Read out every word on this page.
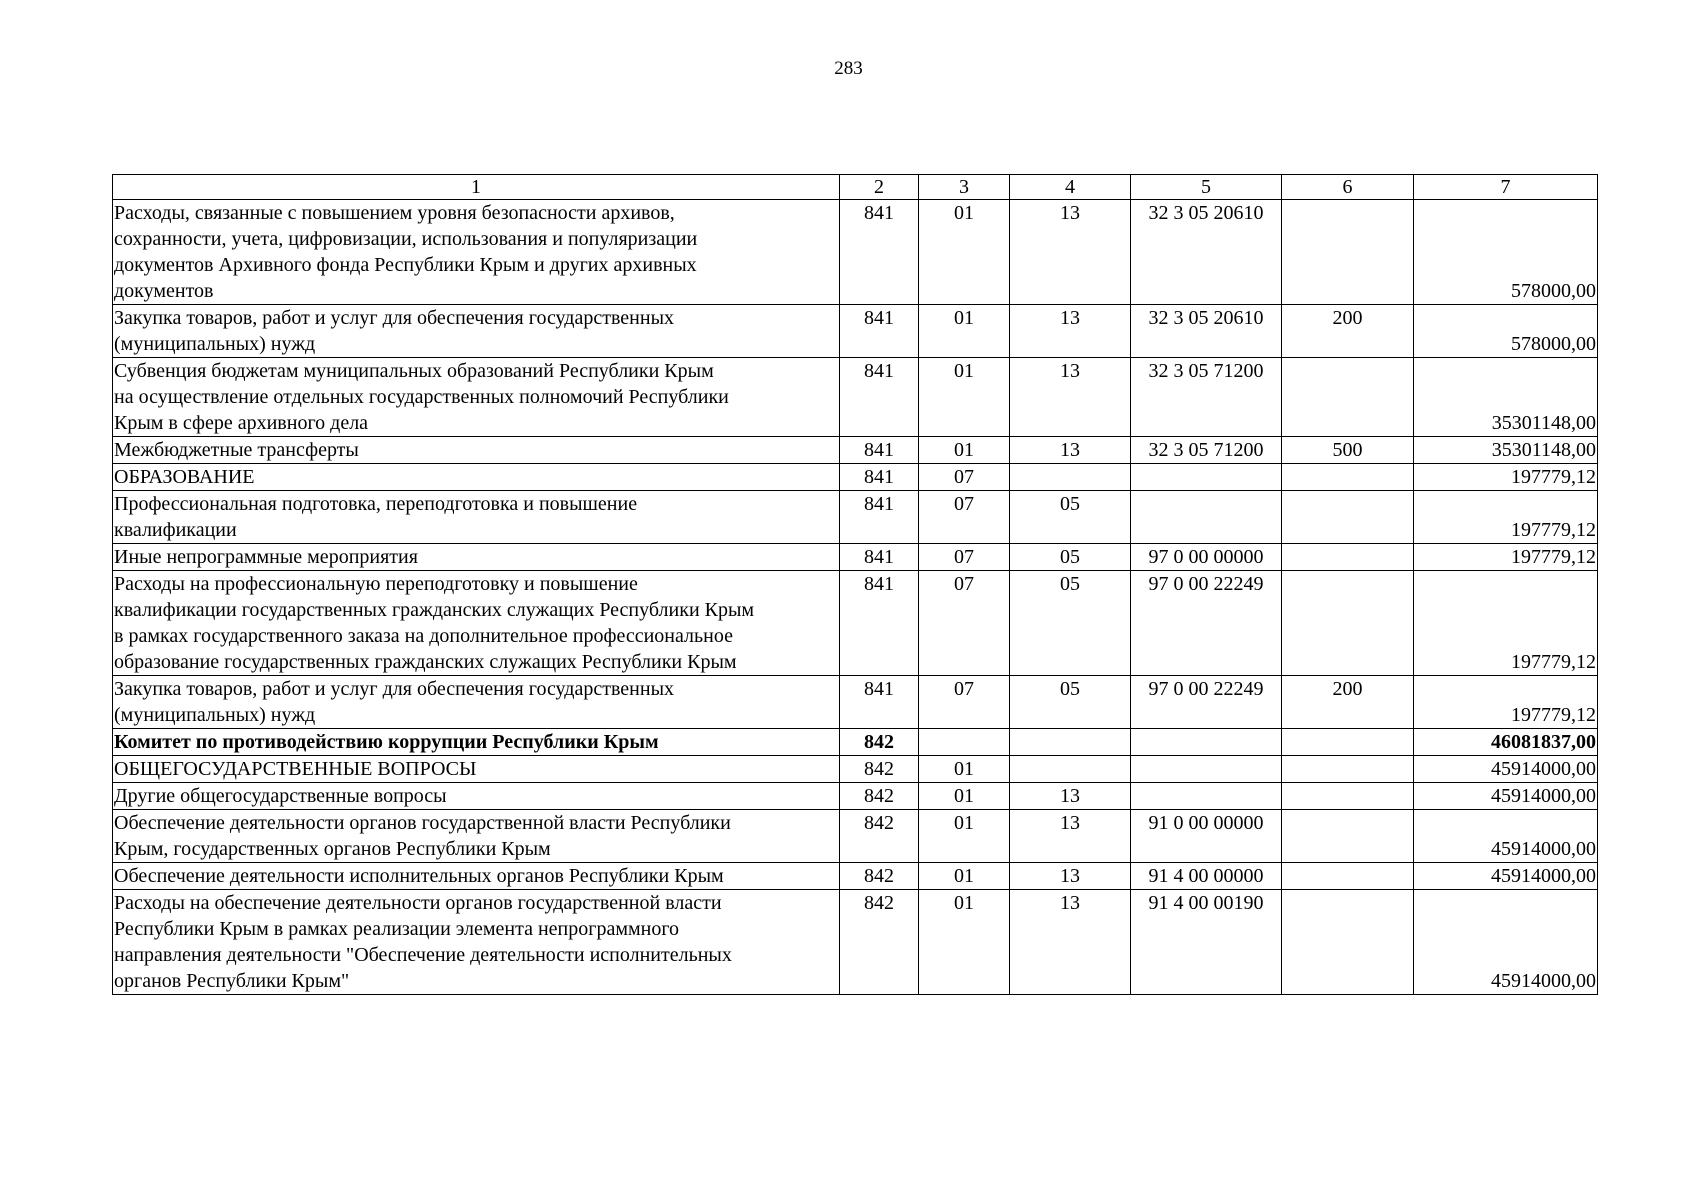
283
1	2	3	4	5	6	7
Расходы, связанные с повышением уровня безопасности архивов,
сохранности, учета, цифровизации, использования и популяризации
документов Архивного фонда Республики Крым и других архивных
документов	841	01	13	32 3 05 20610		578000,00
Закупка товаров, работ и услуг для обеспечения государственных
(муниципальных) нужд	841	01	13	32 3 05 20610	200	578000,00
Субвенция бюджетам муниципальных образований Республики Крым
на осуществление отдельных государственных полномочий Республики
Крым в сфере архивного дела	841	01	13	32 3 05 71200		35301148,00
Межбюджетные трансферты	841	01	13	32 3 05 71200	500	35301148,00
ОБРАЗОВАНИЕ	841	07				197779,12
Профессиональная подготовка, переподготовка и повышение
квалификации	841	07	05			197779,12
Иные непрограммные мероприятия	841	07	05	97 0 00 00000		197779,12
Расходы на профессиональную переподготовку и повышение
квалификации государственных гражданских служащих Республики Крым
в рамках государственного заказа на дополнительное профессиональное
образование государственных гражданских служащих Республики Крым	841	07	05	97 0 00 22249		197779,12
Закупка товаров, работ и услуг для обеспечения государственных
(муниципальных) нужд	841	07	05	97 0 00 22249	200	197779,12
Комитет по противодействию коррупции Республики Крым	842					46081837,00
ОБЩЕГОСУДАРСТВЕННЫЕ ВОПРОСЫ	842	01				45914000,00
Другие общегосударственные вопросы	842	01	13			45914000,00
Обеспечение деятельности органов государственной власти Республики
Крым, государственных органов Республики Крым	842	01	13	91 0 00 00000		45914000,00
Обеспечение деятельности исполнительных органов Республики Крым	842	01	13	91 4 00 00000		45914000,00
Расходы на обеспечение деятельности органов государственной власти
Республики Крым в рамках реализации элемента непрограммного
направления деятельности "Обеспечение деятельности исполнительных
органов Республики Крым"	842	01	13	91 4 00 00190		45914000,00
